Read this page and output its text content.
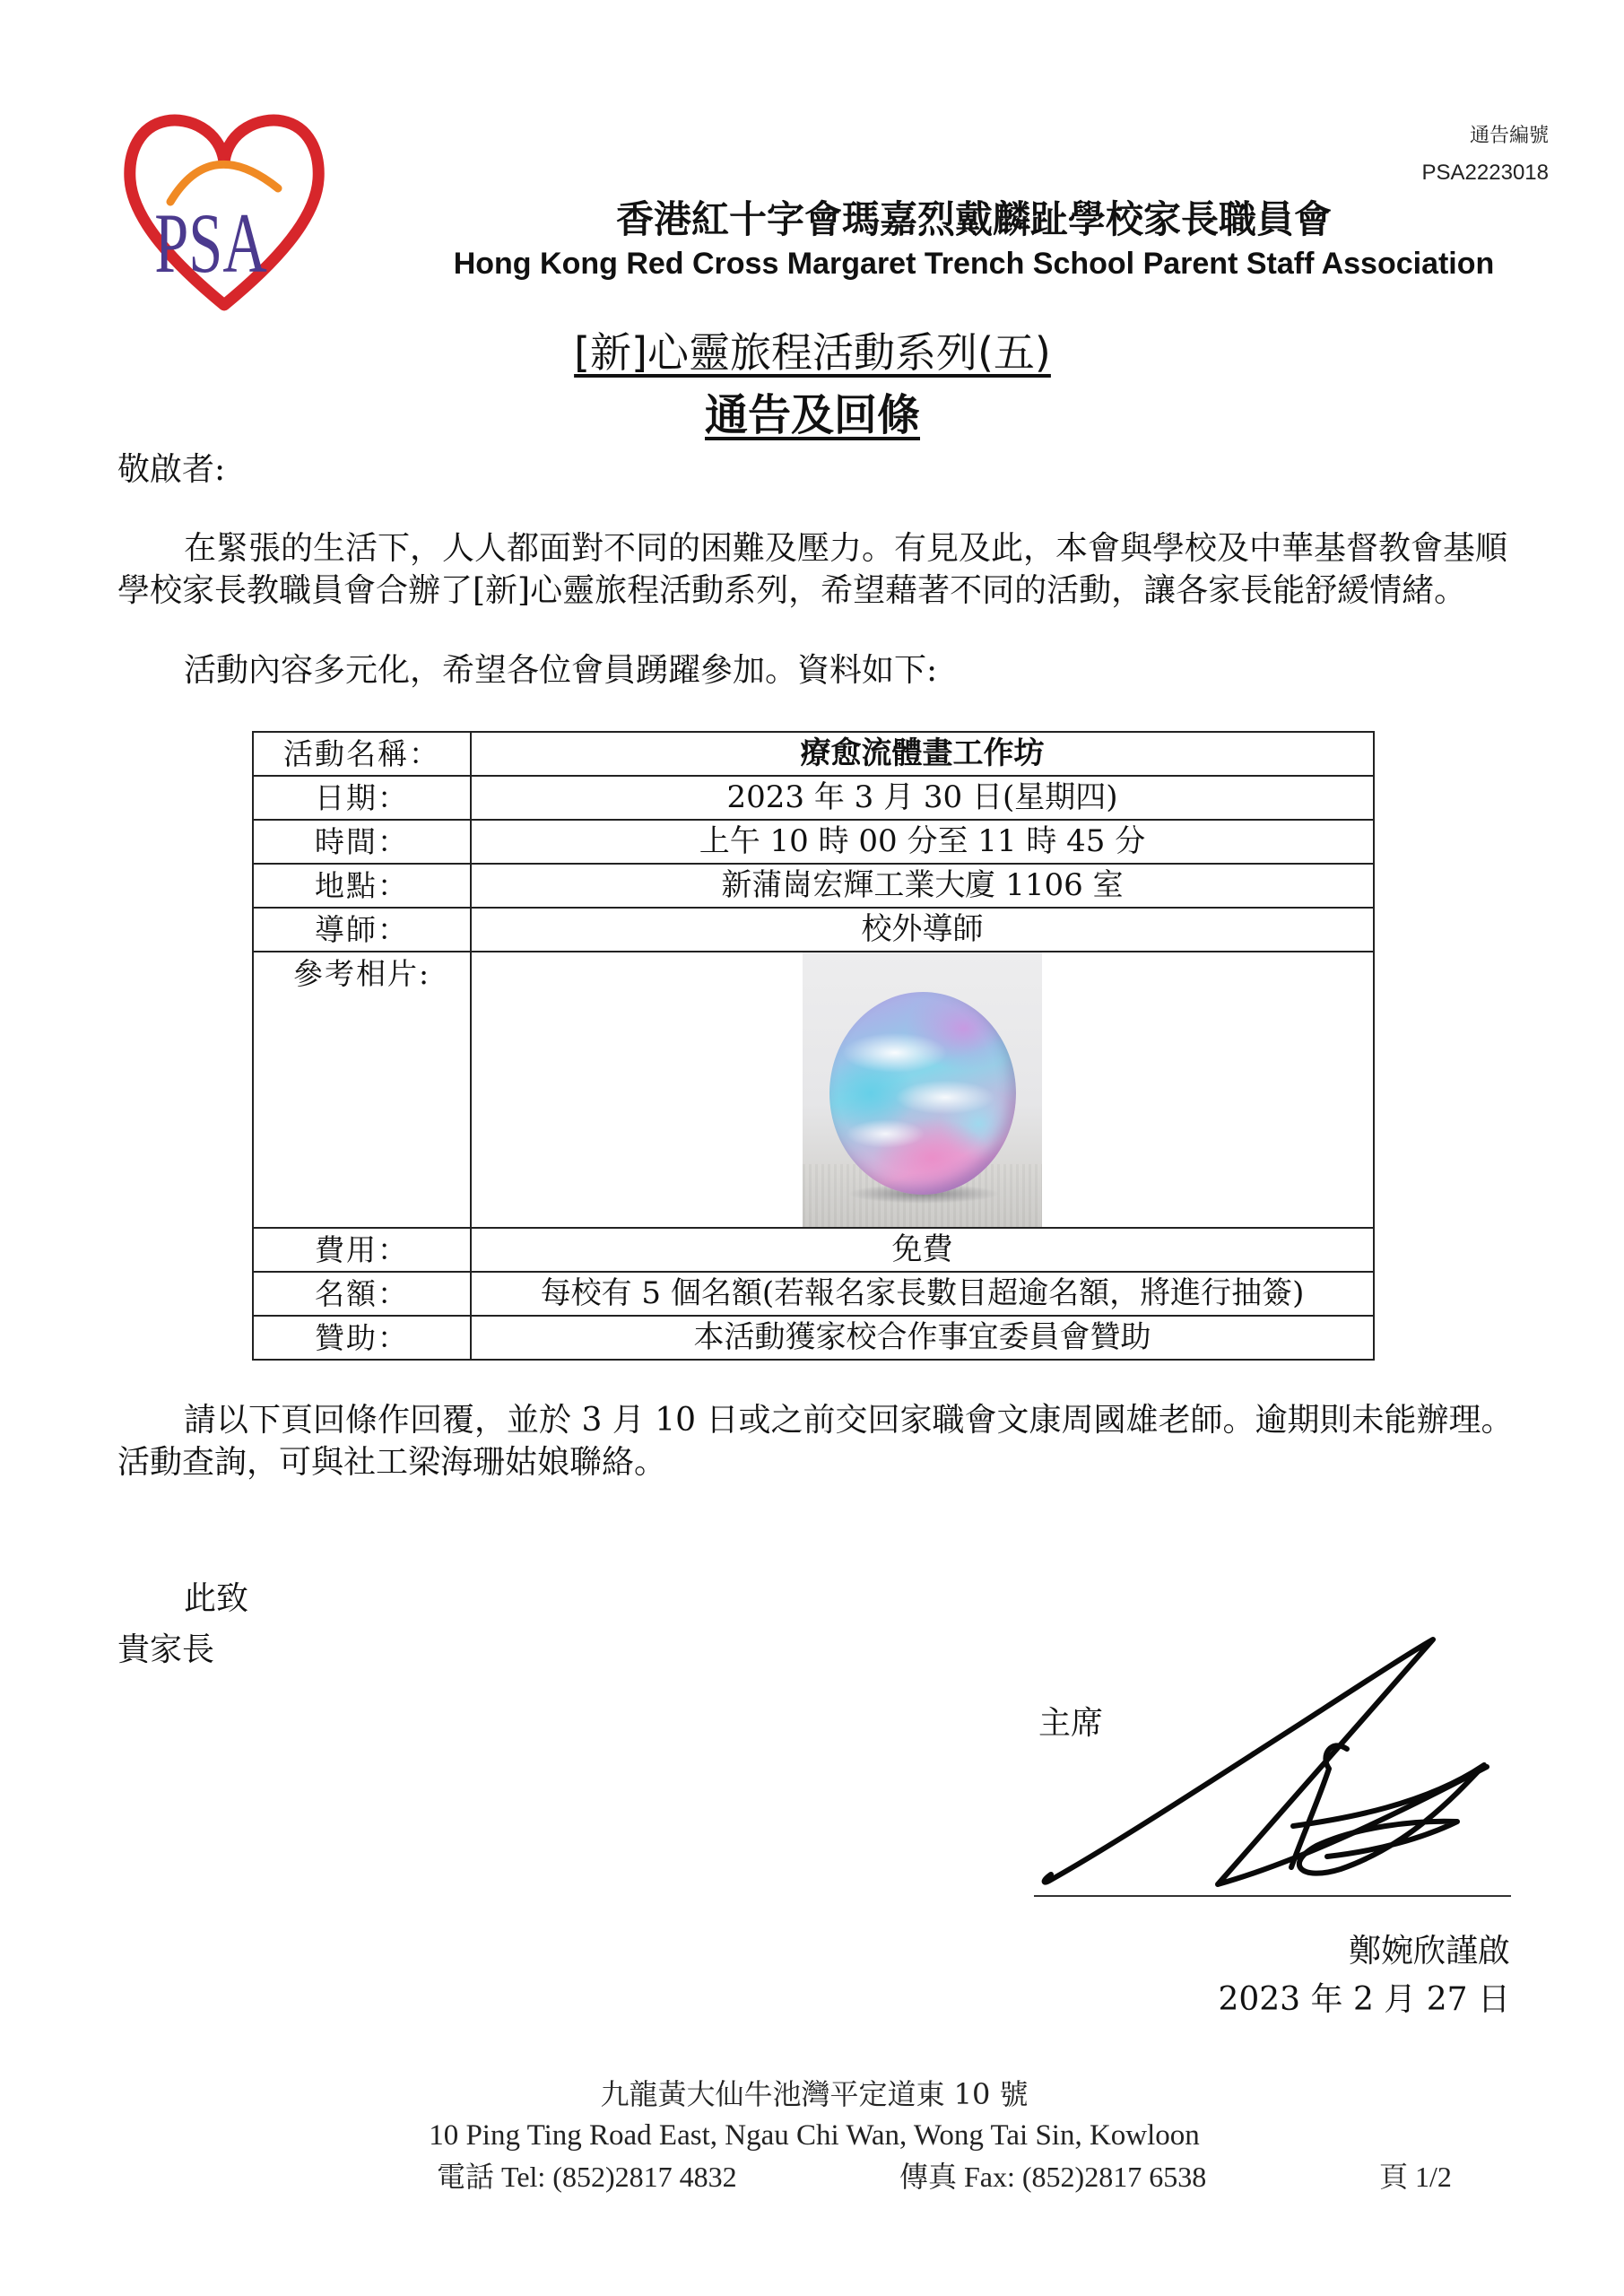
PSA
通告編號
PSA2223018
香港紅十字會瑪嘉烈戴麟趾學校家長職員會
Hong Kong Red Cross Margaret Trench School Parent Staff Association
[新]心靈旅程活動系列(五)
通告及回條
敬啟者:
在緊張的生活下，人人都面對不同的困難及壓力。有見及此，本會與學校及中華基督教會基順
學校家長教職員會合辦了[新]心靈旅程活動系列，希望藉著不同的活動，讓各家長能舒緩情緒。
活動內容多元化，希望各位會員踴躍參加。資料如下:
活動名稱：	療愈流體畫工作坊
日期：	2023 年 3 月 30 日(星期四)
時間：	上午 10 時 00 分至 11 時 45 分
地點：	新蒲崗宏輝工業大廈 1106 室
導師：	校外導師
參考相片:
費用：	免費
名額：	每校有 5 個名額(若報名家長數目超逾名額，將進行抽簽)
贊助：	本活動獲家校合作事宜委員會贊助
請以下頁回條作回覆，並於 3 月 10 日或之前交回家職會文康周國雄老師。逾期則未能辦理。
活動查詢，可與社工梁海珊姑娘聯絡。
此致
貴家長
主席
鄭婉欣謹啟
2023 年 2 月 27 日
九龍黃大仙牛池灣平定道東 10 號
10 Ping Ting Road East, Ngau Chi Wan, Wong Tai Sin, Kowloon
電話 Tel: (852)2817 4832	傳真 Fax: (852)2817 6538	頁 1/2
